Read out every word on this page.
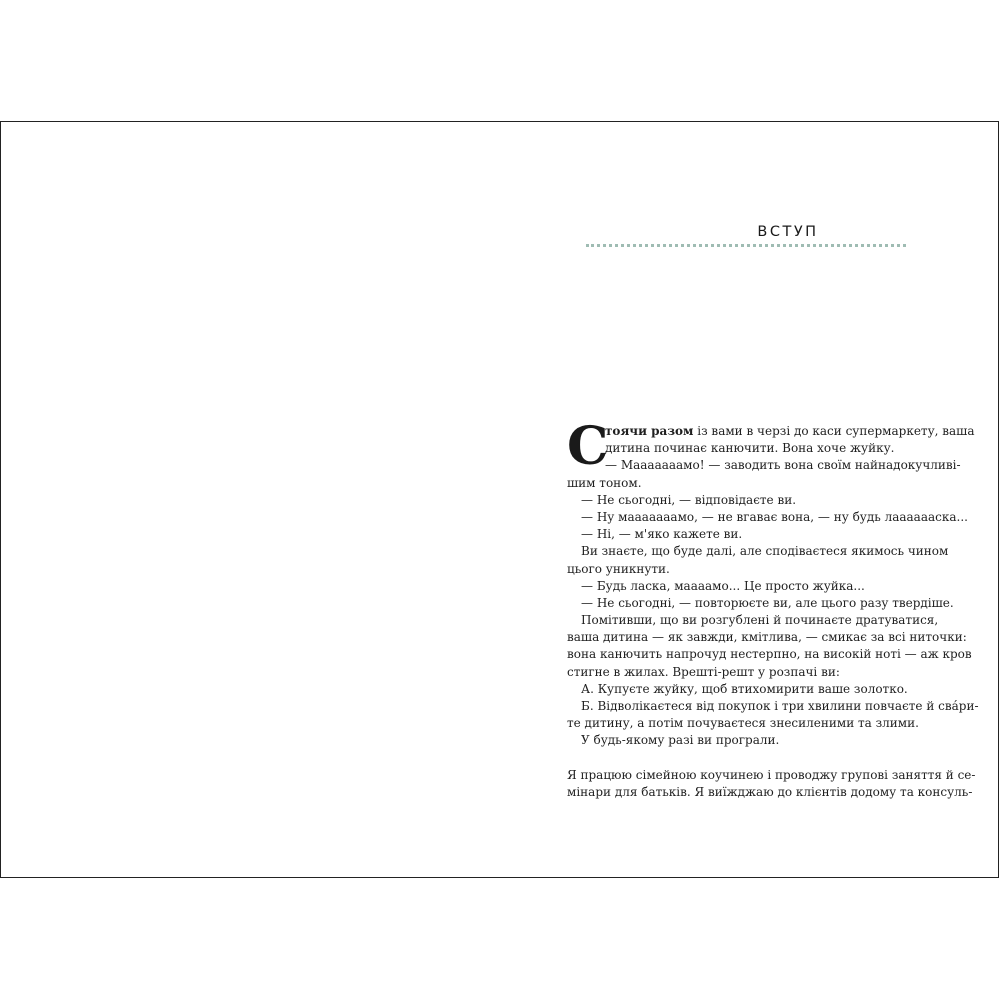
ВСТУП
С
тоячи разом із вами в черзі до каси супермаркету, ваша
дитина починає канючити. Вона хоче жуйку.
— Мааааааамо! — заводить вона своїм найнадокучливі-
шим тоном.
— Не сьогодні, — відповідаєте ви.
— Ну мааааааамо, — не вгаває вона, — ну будь лааааааска...
— Ні, — м'яко кажете ви.
Ви знаєте, що буде далі, але сподіваєтеся якимось чином
цього уникнути.
— Будь ласка, маааамо... Це просто жуйка...
— Не сьогодні, — повторюєте ви, але цього разу твердіше.
Помітивши, що ви розгублені й починаєте дратуватися,
ваша дитина — як завжди, кмітлива, — смикає за всі ниточки:
вона канючить напрочуд нестерпно, на високій ноті — аж кров
стигне в жилах. Врешті-решт у розпачі ви:
А. Купуєте жуйку, щоб втихомирити ваше золотко.
Б. Відволікаєтеся від покупок і три хвилини повчаєте й свáри-
те дитину, а потім почуваєтеся знесиленими та злими.
У будь-якому разі ви програли.
Я працюю сімейною коучинею і проводжу групові заняття й се-
мінари для батьків. Я виїжджаю до клієнтів додому та консуль-
